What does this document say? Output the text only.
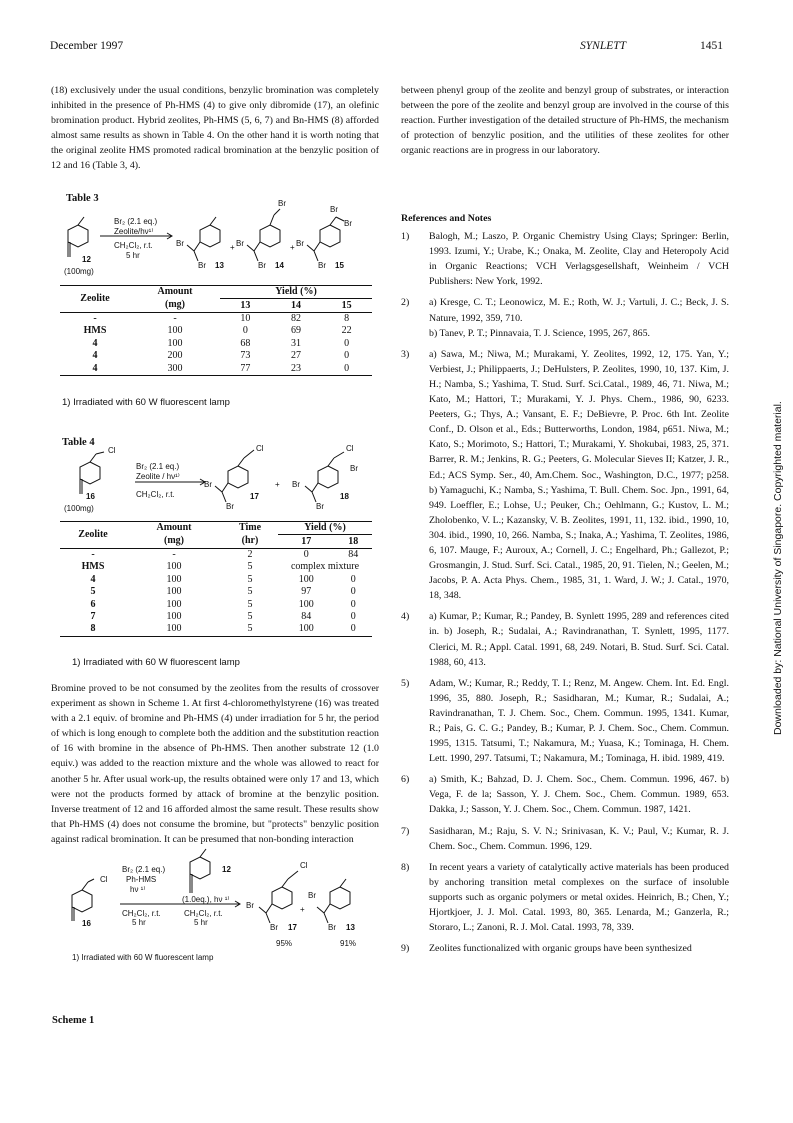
December 1997	SYNLETT	1451
(18) exclusively under the usual conditions, benzylic bromination was completely inhibited in the presence of Ph-HMS (4) to give only dibromide (17), an olefinic bromination product. Hybrid zeolites, Ph-HMS (5, 6, 7) and Bn-HMS (8) afforded almost same results as shown in Table 4. On the other hand it is worth noting that the original zeolite HMS promoted radical bromination at the benzylic position of 12 and 16 (Table 3, 4).
Table 3
Br₂ (2.1 eq.)
Zeolite/hν¹⁾
CH₂Cl₂, r.t.
5 hr
12
(100mg)
Br
Br 13
+ Br
Br
Br
14
+ Br
Br
Br
Br
15
Zeolite	Amount	Yield (%)		
	(mg)	13	14	15
-	-	10	82	8
HMS	100	0	69	22
4	100	68	31	0
4	200	73	27	0
4	300	77	23	0
1) Irradiated with 60 W fluorescent lamp
Table 4
Cl
Br₂ (2.1 eq.)
Zeolite / hν¹⁾
CH₂Cl₂, r.t.
16
(100mg)
Br
Br
Cl
17
+ Br
Br
Cl
Br
18
Zeolite	Amount	Time	Yield (%)	
	(mg)	(hr)	17	18
-	-	2	0	84
HMS	100	5	complex mixture	
4	100	5	100	0
5	100	5	97	0
6	100	5	100	0
7	100	5	84	0
8	100	5	100	0
1) Irradiated with 60 W fluorescent lamp
Bromine proved to be not consumed by the zeolites from the results of crossover experiment as shown in Scheme 1. At first 4-chloromethylstyrene (16) was treated with a 2.1 equiv. of bromine and Ph-HMS (4) under irradiation for 5 hr, the period of which is long enough to complete both the addition and the substitution reaction of 16 with bromine in the absence of Ph-HMS. Then another substrate 12 (1.0 equiv.) was added to the reaction mixture and the whole was allowed to react for another 5 hr. After usual work-up, the results obtained were only 17 and 13, which were not the products formed by attack of bromine at the benzylic position. Inverse treatment of 12 and 16 afforded almost the same result. These results show that Ph-HMS (4) does not consume the bromine, but "protects" benzylic position against radical bromination. It can be presumed that non-bonding interaction
Cl
Br₂ (2.1 eq.)
Ph-HMS
hν ¹⁾
CH₂Cl₂, r.t.
5 hr
12
(1.0eq.), hν ¹⁾
CH₂Cl₂, r.t.
5 hr
16
Br
Br
Cl
17
+
Br
Br 13
95%	91%
1) Irradiated with 60 W fluorescent lamp
Scheme 1
between phenyl group of the zeolite and benzyl group of substrates, or interaction between the pore of the zeolite and benzyl group are involved in the course of this reaction. Further investigation of the detailed structure of Ph-HMS, the mechanism of protection of benzylic position, and the utilities of these zeolites for other organic reactions are in progress in our laboratory.
References and Notes
1)	Balogh, M.; Laszo, P. Organic Chemistry Using Clays; Springer: Berlin, 1993. Izumi, Y.; Urabe, K.; Onaka, M. Zeolite, Clay and Heteropoly Acid in Organic Reactions; VCH Verlagsgesellshaft, Weinheim / VCH Publishers: New York, 1992.
2)	a) Kresge, C. T.; Leonowicz, M. E.; Roth, W. J.; Vartuli, J. C.; Beck, J. S. Nature, 1992, 359, 710.
b) Tanev, P. T.; Pinnavaia, T. J. Science, 1995, 267, 865.
3)	a) Sawa, M.; Niwa, M.; Murakami, Y. Zeolites, 1992, 12, 175. Yan, Y.; Verbiest, J.; Philippaerts, J.; DeHulsters, P. Zeolites, 1990, 10, 137. Kim, J. H.; Namba, S.; Yashima, T. Stud. Surf. Sci.Catal., 1989, 46, 71. Niwa, M.; Kato, M.; Hattori, T.; Murakami, Y. J. Phys. Chem., 1986, 90, 6233. Peeters, G.; Thys, A.; Vansant, E. F.; DeBievre, P. Proc. 6th Int. Zeolite Conf., D. Olson et al., Eds.; Butterworths, London, 1984, p651. Niwa, M.; Kato, S.; Morimoto, S.; Hattori, T.; Murakami, Y. Shokubai, 1983, 25, 371. Barrer, R. M.; Jenkins, R. G.; Peeters, G. Molecular Sieves II; Katzer, J. R., Ed.; ACS Symp. Ser., 40, Am.Chem. Soc., Washington, D.C., 1977; p258. b) Yamaguchi, K.; Namba, S.; Yashima, T. Bull. Chem. Soc. Jpn., 1991, 64, 949. Loeffler, E.; Lohse, U.; Peuker, Ch.; Oehlmann, G.; Kustov, L. M.; Zholobenko, V. L.; Kazansky, V. B. Zeolites, 1991, 11, 132. ibid., 1990, 10, 304. ibid., 1990, 10, 266. Namba, S.; Inaka, A.; Yashima, T. Zeolites, 1986, 6, 107. Mauge, F.; Auroux, A.; Cornell, J. C.; Engelhard, Ph.; Gallezot, P.; Grosmangin, J. Stud. Surf. Sci. Catal., 1985, 20, 91. Tielen, N.; Geelen, M.; Jacobs, P. A. Acta Phys. Chem., 1985, 31, 1. Ward, J. W.; J. Catal., 1970, 18, 348.
4)	a) Kumar, P.; Kumar, R.; Pandey, B. Synlett 1995, 289 and references cited in. b) Joseph, R.; Sudalai, A.; Ravindranathan, T. Synlett, 1995, 1177. Clerici, M. R.; Appl. Catal. 1991, 68, 249. Notari, B. Stud. Surf. Sci. Catal. 1988, 60, 413.
5)	Adam, W.; Kumar, R.; Reddy, T. I.; Renz, M. Angew. Chem. Int. Ed. Engl. 1996, 35, 880. Joseph, R.; Sasidharan, M.; Kumar, R.; Sudalai, A.; Ravindranathan, T. J. Chem. Soc., Chem. Commun. 1995, 1341. Kumar, R.; Pais, G. C. G.; Pandey, B.; Kumar, P. J. Chem. Soc., Chem. Commun. 1995, 1315. Tatsumi, T.; Nakamura, M.; Yuasa, K.; Tominaga, H. Chem. Lett. 1990, 297. Tatsumi, T.; Nakamura, M.; Tominaga, H. ibid. 1989, 419.
6)	a) Smith, K.; Bahzad, D. J. Chem. Soc., Chem. Commun. 1996, 467. b) Vega, F. de la; Sasson, Y. J. Chem. Soc., Chem. Commun. 1989, 653. Dakka, J.; Sasson, Y. J. Chem. Soc., Chem. Commun. 1987, 1421.
7)	Sasidharan, M.; Raju, S. V. N.; Srinivasan, K. V.; Paul, V.; Kumar, R. J. Chem. Soc., Chem. Commun. 1996, 129.
8)	In recent years a variety of catalytically active materials has been produced by anchoring transition metal complexes on the surface of insoluble supports such as organic polymers or metal oxides. Heinrich, B.; Chen, Y.; Hjortkjoer, J. J. Mol. Catal. 1993, 80, 365. Lenarda, M.; Ganzerla, R.; Storaro, L.; Zanoni, R. J. Mol. Catal. 1993, 78, 339.
9)	Zeolites functionalized with organic groups have been synthesized
Downloaded by: National University of Singapore. Copyrighted material.
